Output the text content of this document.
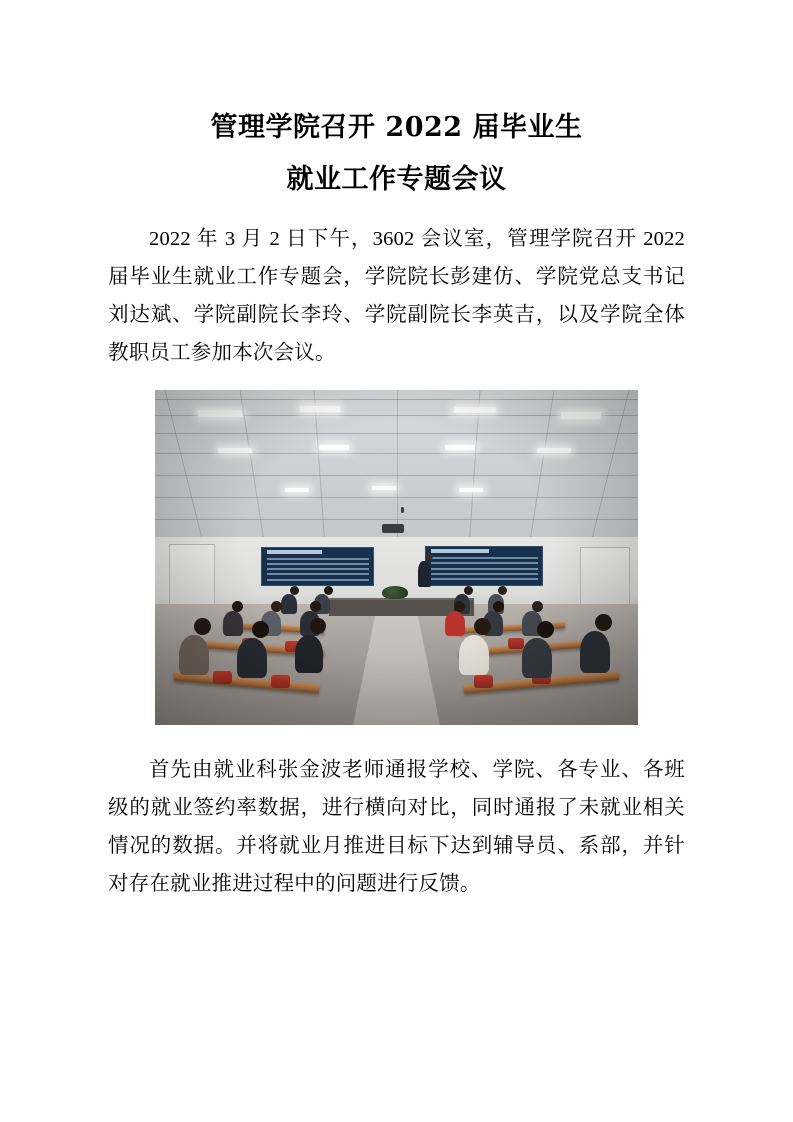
管理学院召开 2022 届毕业生
就业工作专题会议

2022 年 3 月 2 日下午，3602 会议室，管理学院召开 2022 届毕业生就业工作专题会，学院院长彭建仿、学院党总支书记刘达斌、学院副院长李玲、学院副院长李英吉，以及学院全体教职员工参加本次会议。

首先由就业科张金波老师通报学校、学院、各专业、各班级的就业签约率数据，进行横向对比，同时通报了未就业相关情况的数据。并将就业月推进目标下达到辅导员、系部，并针对存在就业推进过程中的问题进行反馈。
